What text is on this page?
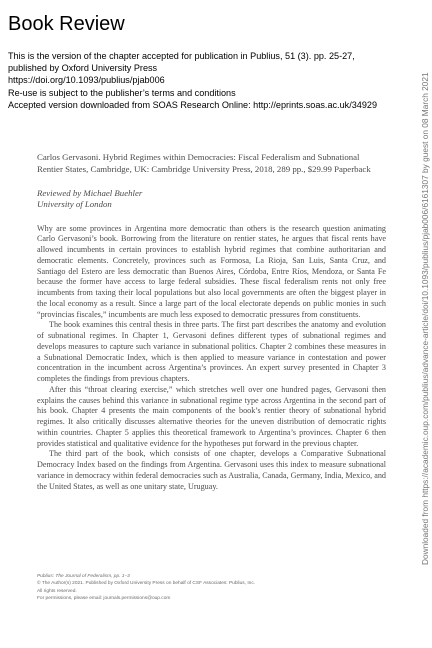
Book Review
This is the version of the chapter accepted for publication in Publius, 51 (3). pp. 25-27,
published by Oxford University Press
https://doi.org/10.1093/publius/pjab006
Re-use is subject to the publisher’s terms and conditions
Accepted version downloaded from SOAS Research Online: http://eprints.soas.ac.uk/34929	Downloaded from https://academic.oup.com/publius/advance-article/doi/10.1093/publius/pjab006/6161307 by guest on 08 March 2021

Carlos Gervasoni. Hybrid Regimes within Democracies: Fiscal Federalism and Subnational Rentier States, Cambridge, UK: Cambridge University Press, 2018, 289 pp., $29.99 Paperback

Reviewed by Michael Buehler
University of London

Why are some provinces in Argentina more democratic than others is the research question animating Carlo Gervasoni’s book. Borrowing from the literature on rentier states, he argues that fiscal rents have allowed incumbents in certain provinces to establish hybrid regimes that combine authoritarian and democratic elements. Concretely, provinces such as Formosa, La Rioja, San Luis, Santa Cruz, and Santiago del Estero are less democratic than Buenos Aires, Córdoba, Entre Ríos, Mendoza, or Santa Fe because the former have access to large federal subsidies. These fiscal federalism rents not only free incumbents from taxing their local populations but also local governments are often the biggest player in the local economy as a result. Since a large part of the local electorate depends on public monies in such “provincias fiscales,” incumbents are much less exposed to democratic pressures from constituents.

The book examines this central thesis in three parts. The first part describes the anatomy and evolution of subnational regimes. In Chapter 1, Gervasoni defines different types of subnational regimes and develops measures to capture such variance in subnational politics. Chapter 2 combines these measures in a Subnational Democratic Index, which is then applied to measure variance in contestation and power concentration in the incumbent across Argentina’s provinces. An expert survey presented in Chapter 3 completes the findings from previous chapters.

After this “throat clearing exercise,” which stretches well over one hundred pages, Gervasoni then explains the causes behind this variance in subnational regime type across Argentina in the second part of his book. Chapter 4 presents the main components of the book’s rentier theory of subnational hybrid regimes. It also critically discusses alternative theories for the uneven distribution of democratic rights within countries. Chapter 5 applies this theoretical framework to Argentina’s provinces. Chapter 6 then provides statistical and qualitative evidence for the hypotheses put forward in the previous chapter.

The third part of the book, which consists of one chapter, develops a Comparative Subnational Democracy Index based on the findings from Argentina. Gervasoni uses this index to measure subnational variance in democracy within federal democracies such as Australia, Canada, Germany, India, Mexico, and the United States, as well as one unitary state, Uruguay.

Publius: The Journal of Federalism, pp. 1–3
© The Author(s) 2021. Published by Oxford University Press on behalf of CSF Associates: Publius, Inc.
All rights reserved.
For permissions, please email: journals.permissions@oup.com
